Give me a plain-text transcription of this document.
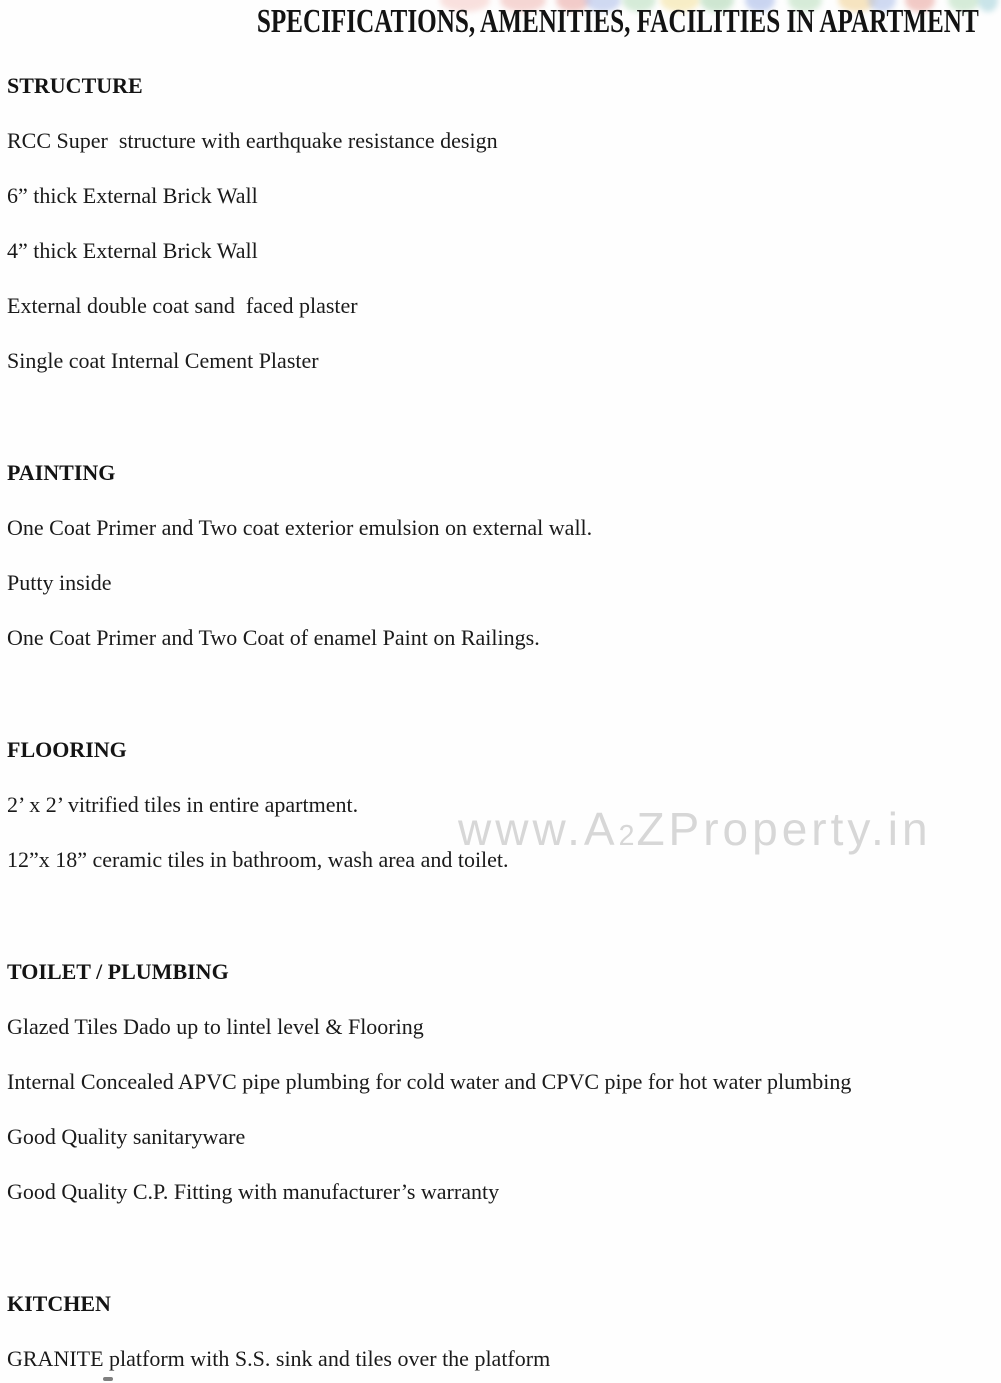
SPECIFICATIONS, AMENITIES, FACILITIES IN APARTMENT
www.A2ZProperty.in

STRUCTURE

RCC Super  structure with earthquake resistance design

6” thick External Brick Wall

4” thick External Brick Wall

External double coat sand  faced plaster

Single coat Internal Cement Plaster

PAINTING

One Coat Primer and Two coat exterior emulsion on external wall.

Putty inside

One Coat Primer and Two Coat of enamel Paint on Railings.

FLOORING

2’ x 2’ vitrified tiles in entire apartment.

12”x 18” ceramic tiles in bathroom, wash area and toilet.

TOILET / PLUMBING

Glazed Tiles Dado up to lintel level & Flooring

Internal Concealed APVC pipe plumbing for cold water and CPVC pipe for hot water plumbing

Good Quality sanitaryware

Good Quality C.P. Fitting with manufacturer’s warranty

KITCHEN

GRANITE platform with S.S. sink and tiles over the platform
